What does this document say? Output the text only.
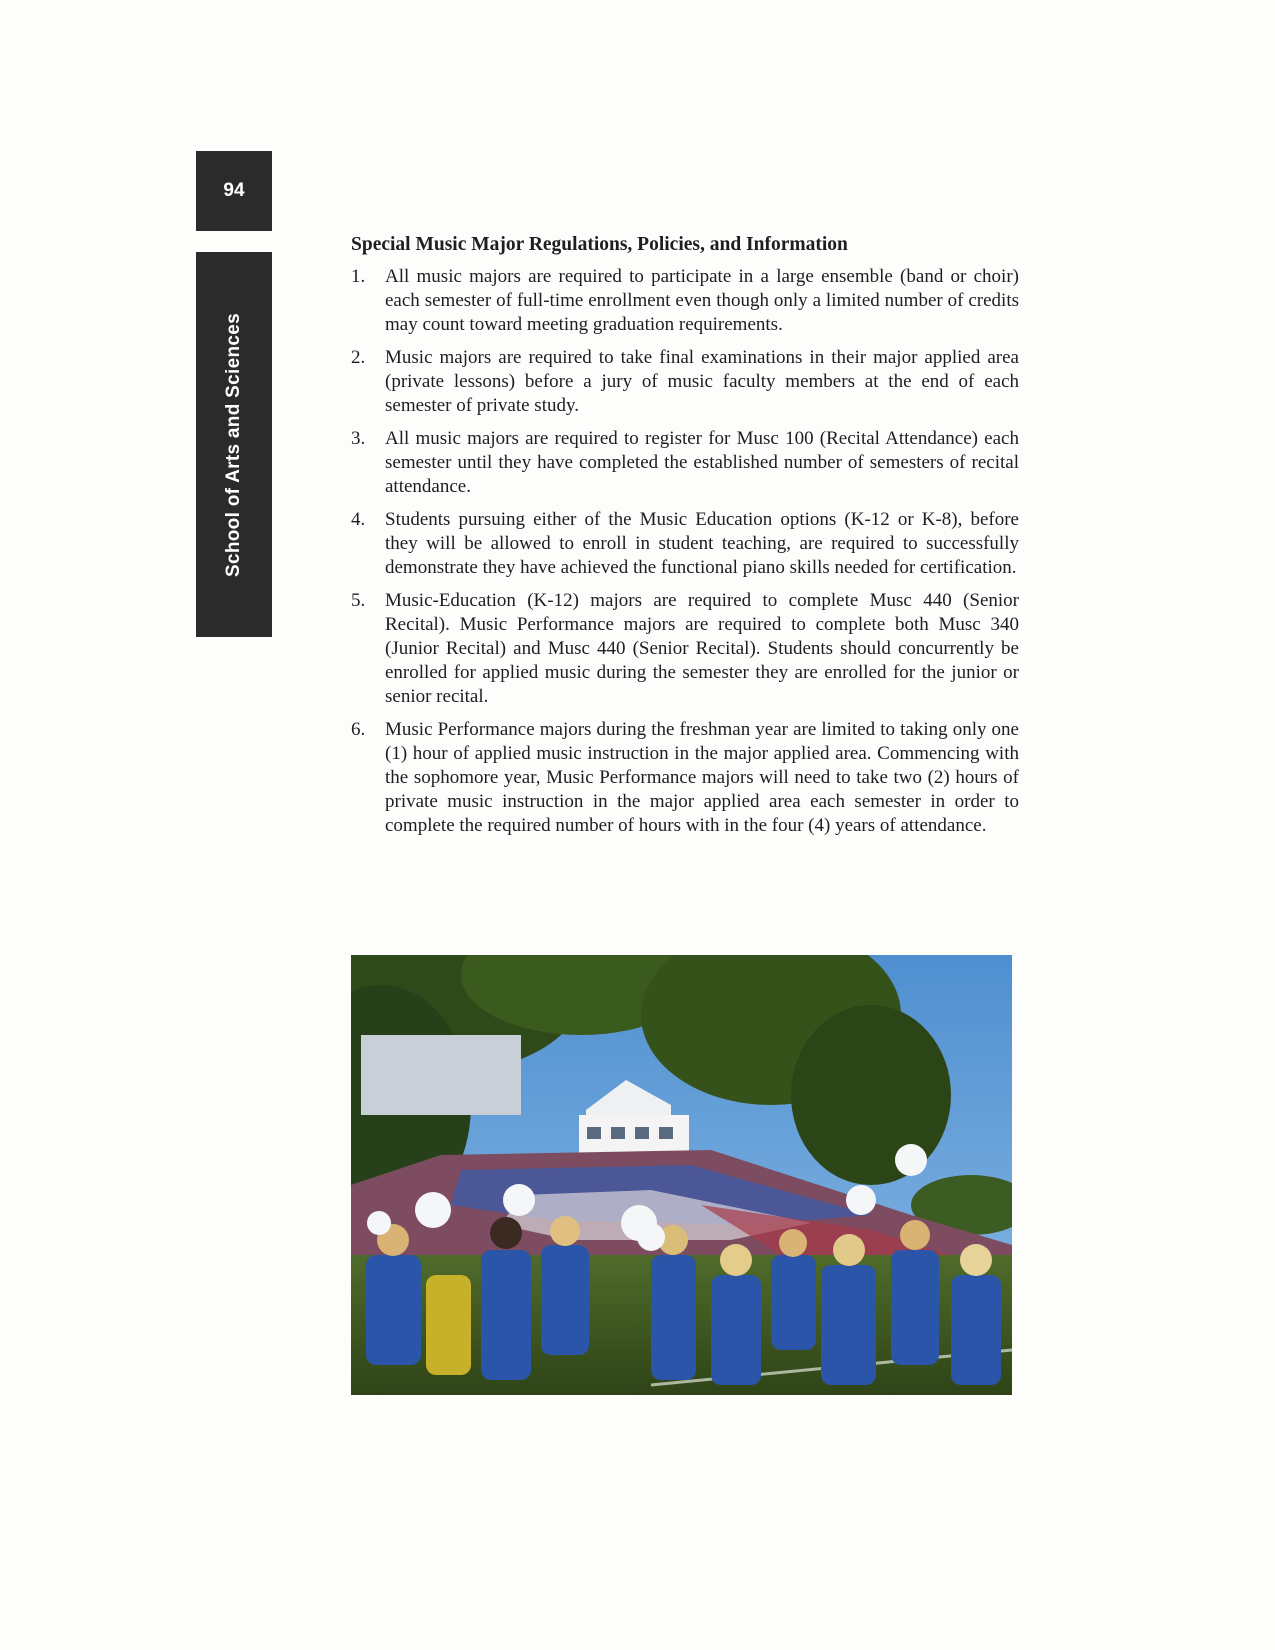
94
School of Arts and Sciences
Special Music Major Regulations, Policies, and Information
1.	All music majors are required to participate in a large ensemble (band or choir) each semester of full-time enrollment even though only a limited number of credits may count toward meeting graduation requirements.
2.	Music majors are required to take final examinations in their major applied area (private lessons) before a jury of music faculty members at the end of each semester of private study.
3.	All music majors are required to register for Musc 100 (Recital Attendance) each semester until they have completed the established number of semesters of recital attendance.
4.	Students pursuing either of the Music Education options (K-12 or K-8), before they will be allowed to enroll in student teaching, are required to successfully demonstrate they have achieved the functional piano skills needed for certification.
5.	Music-Education (K-12) majors are required to complete Musc 440 (Senior Recital). Music Performance majors are required to complete both Musc 340 (Junior Recital) and Musc 440 (Senior Recital). Students should concurrently be enrolled for applied music during the semester they are enrolled for the junior or senior recital.
6.	Music Performance majors during the freshman year are limited to taking only one (1) hour of applied music instruction in the major applied area. Commencing with the sophomore year, Music Performance majors will need to take two (2) hours of private music instruction in the major applied area each semester in order to complete the required number of hours with in the four (4) years of attendance.
